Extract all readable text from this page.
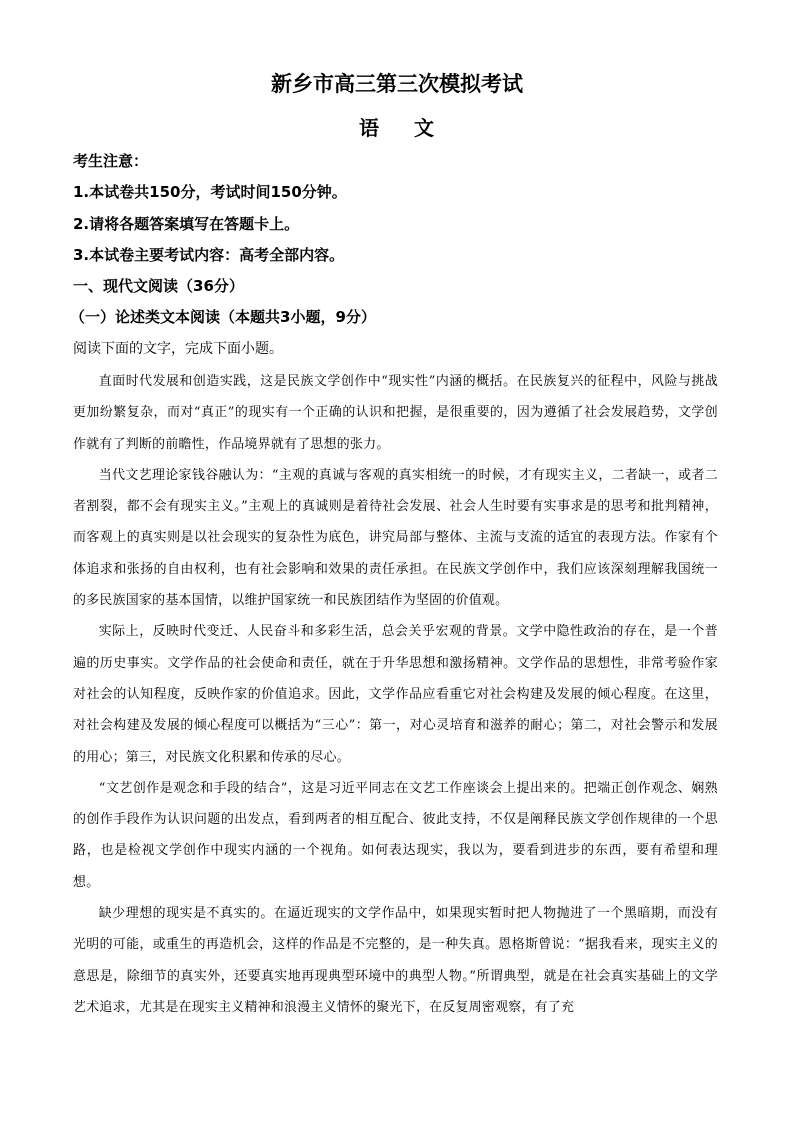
新乡市高三第三次模拟考试
语 文
考生注意：
1.本试卷共150分，考试时间150分钟。
2.请将各题答案填写在答题卡上。
3.本试卷主要考试内容：高考全部内容。
一、现代文阅读（36分）
（一）论述类文本阅读（本题共3小题，9分）
阅读下面的文字，完成下面小题。

直面时代发展和创造实践，这是民族文学创作中“现实性”内涵的概括。在民族复兴的征程中，风险与挑战更加纷繁复杂，而对“真正”的现实有一个正确的认识和把握，是很重要的，因为遵循了社会发展趋势，文学创作就有了判断的前瞻性，作品境界就有了思想的张力。

当代文艺理论家钱谷融认为：“主观的真诚与客观的真实相统一的时候，才有现实主义，二者缺一，或者二者割裂，都不会有现实主义。”主观上的真诚则是着待社会发展、社会人生时要有实事求是的思考和批判精神，而客观上的真实则是以社会现实的复杂性为底色，讲究局部与整体、主流与支流的适宜的表现方法。作家有个体追求和张扬的自由权利，也有社会影响和效果的责任承担。在民族文学创作中，我们应该深刻理解我国统一的多民族国家的基本国情，以维护国家统一和民族团结作为坚固的价值观。

实际上，反映时代变迁、人民奋斗和多彩生活，总会关乎宏观的背景。文学中隐性政治的存在，是一个普遍的历史事实。文学作品的社会使命和责任，就在于升华思想和激扬精神。文学作品的思想性，非常考验作家对社会的认知程度，反映作家的价值追求。因此，文学作品应看重它对社会构建及发展的倾心程度。在这里，对社会构建及发展的倾心程度可以概括为“三心”：第一，对心灵培育和滋养的耐心；第二，对社会警示和发展的用心；第三，对民族文化积累和传承的尽心。

“文艺创作是观念和手段的结合”，这是习近平同志在文艺工作座谈会上提出来的。把端正创作观念、娴熟的创作手段作为认识问题的出发点，看到两者的相互配合、彼此支持，不仅是阐释民族文学创作规律的一个思路，也是检视文学创作中现实内涵的一个视角。如何表达现实，我以为，要看到进步的东西，要有希望和理想。

缺少理想的现实是不真实的。在逼近现实的文学作品中，如果现实暂时把人物抛进了一个黑暗期，而没有光明的可能，或重生的再造机会，这样的作品是不完整的，是一种失真。恩格斯曾说：“据我看来，现实主义的意思是，除细节的真实外，还要真实地再现典型环境中的典型人物。”所谓典型，就是在社会真实基础上的文学艺术追求，尤其是在现实主义精神和浪漫主义情怀的聚光下，在反复周密观察，有了充
